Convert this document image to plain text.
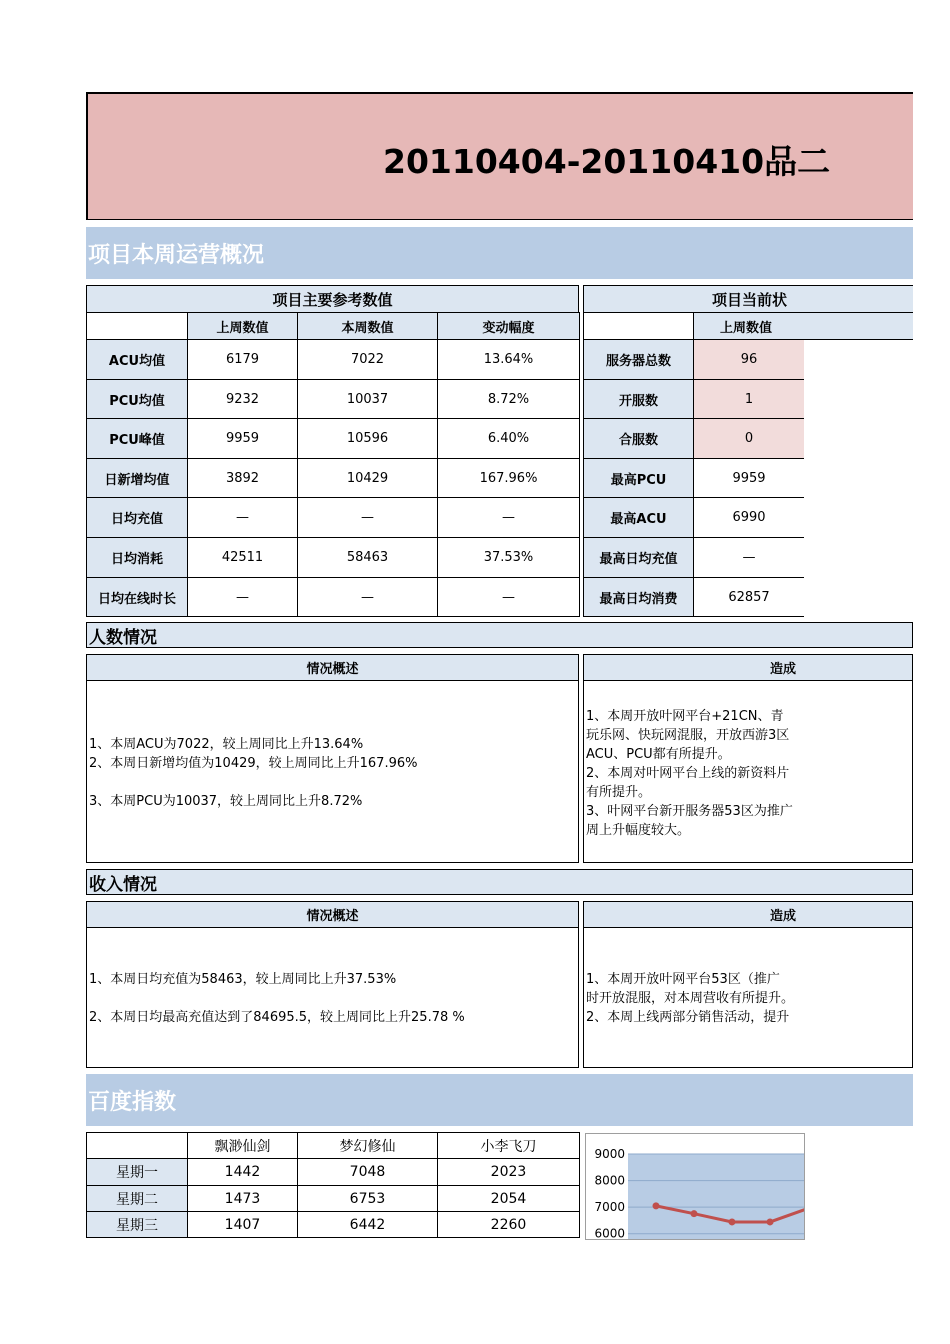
20110404-20110410品二
项目本周运营概况
项目主要参考数值
上周数值	本周数值	变动幅度
ACU均值	6179	7022	13.64%
PCU均值	9232	10037	8.72%
PCU峰值	9959	10596	6.40%
日新增均值	3892	10429	167.96%
日均充值	—	—	—
日均消耗	42511	58463	37.53%
日均在线时长	—	—	—
项目当前状
上周数值
服务器总数	96
开服数	1
合服数	0
最高PCU	9959
最高ACU	6990
最高日均充值	—
最高日均消费	62857
人数情况
情况概述	造成
1、本周ACU为7022，较上周同比上升13.64%
2、本周日新增均值为10429，较上周同比上升167.96%

3、本周PCU为10037，较上周同比上升8.72%
1、本周开放叶网平台+21CN、青
玩乐网、快玩网混服，开放西游3区
ACU、PCU都有所提升。
2、本周对叶网平台上线的新资料片
有所提升。
3、叶网平台新开服务器53区为推广
周上升幅度较大。
收入情况
情况概述	造成
1、本周日均充值为58463，较上周同比上升37.53%

2、本周日均最高充值达到了84695.5，较上周同比上升25.78 %
1、本周开放叶网平台53区（推广
时开放混服，对本周营收有所提升。
2、本周上线两部分销售活动，提升
百度指数
飘渺仙剑	梦幻修仙	小李飞刀
星期一	1442	7048	2023
星期二	1473	6753	2054
星期三	1407	6442	2260
9000
8000
7000
6000
